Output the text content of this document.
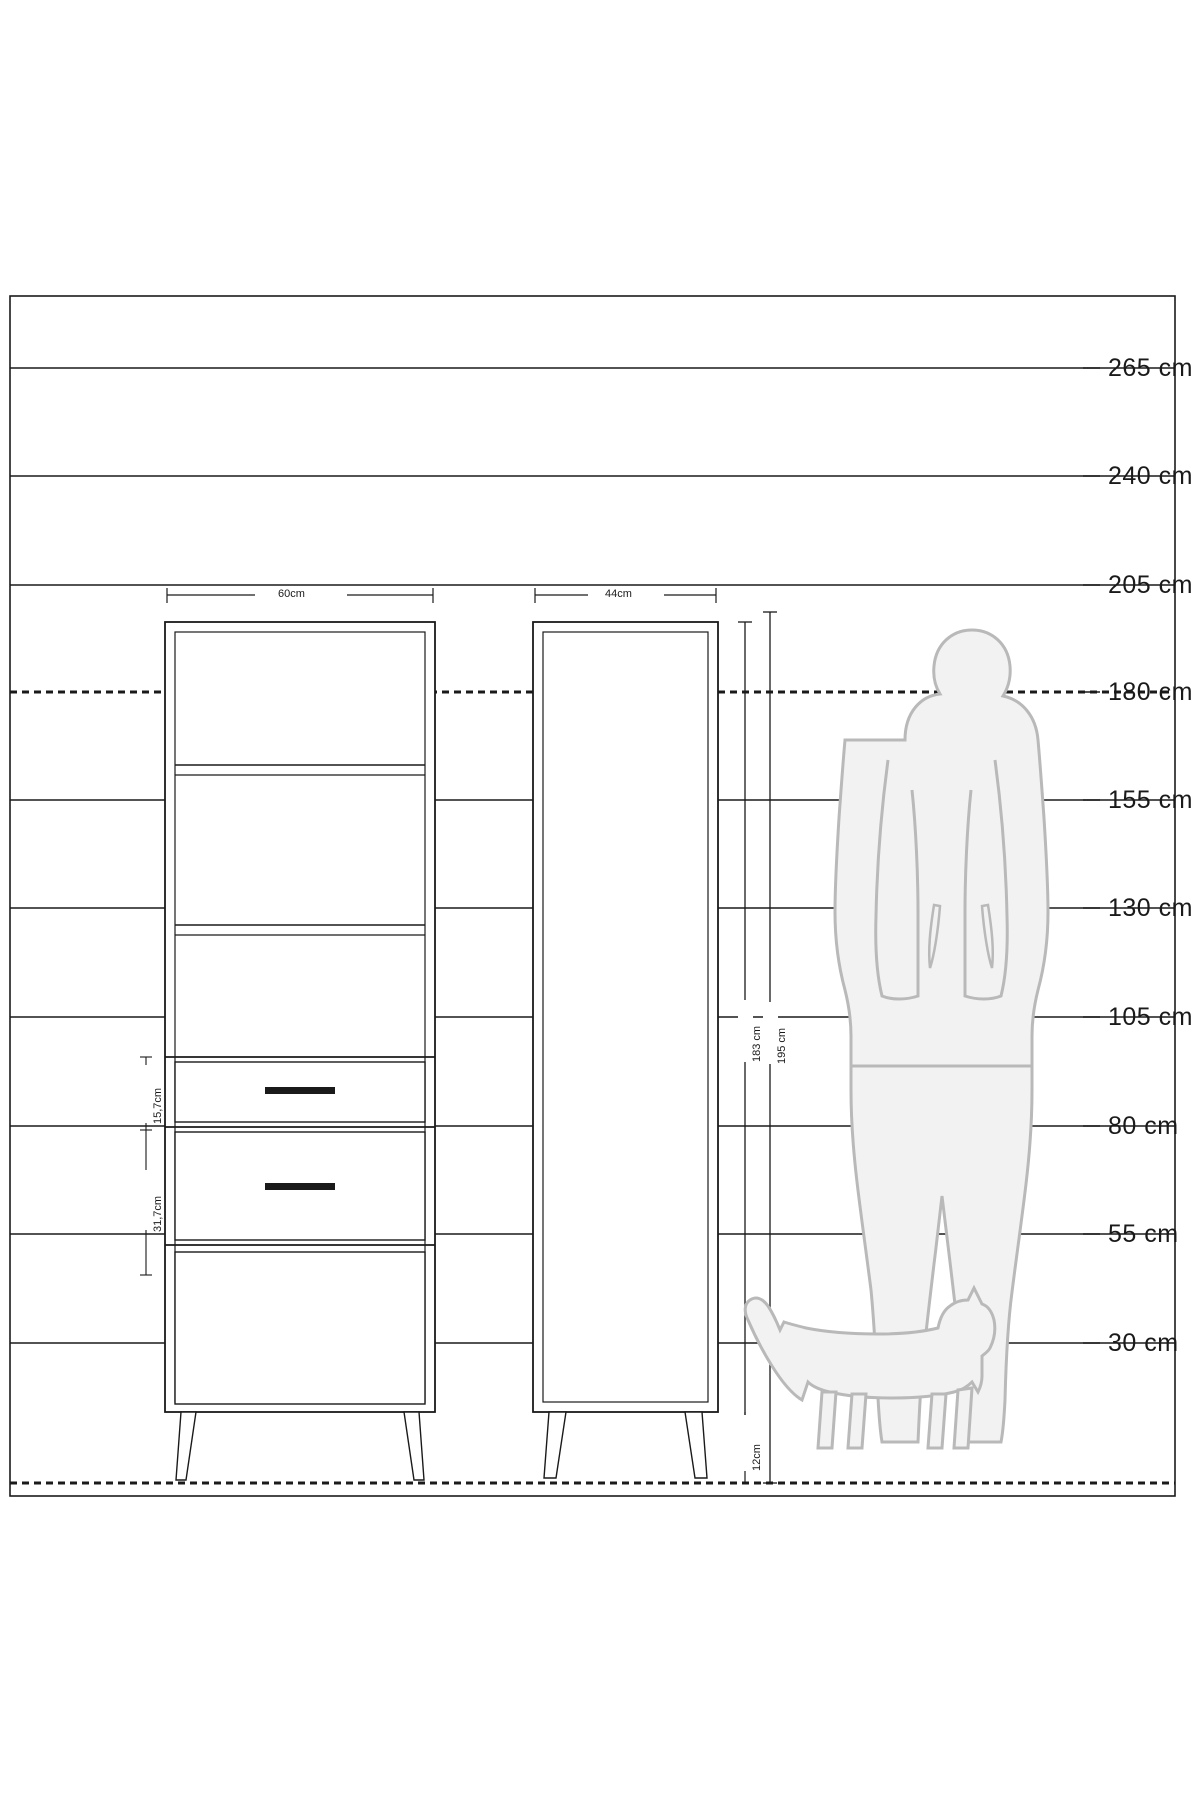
265 cm
240 cm
205 cm
180 cm
155 cm
130 cm
105 cm
80 cm
55 cm
30 cm
60cm	44cm
15,7cm
31,7cm
183 cm 195 cm
12cm
